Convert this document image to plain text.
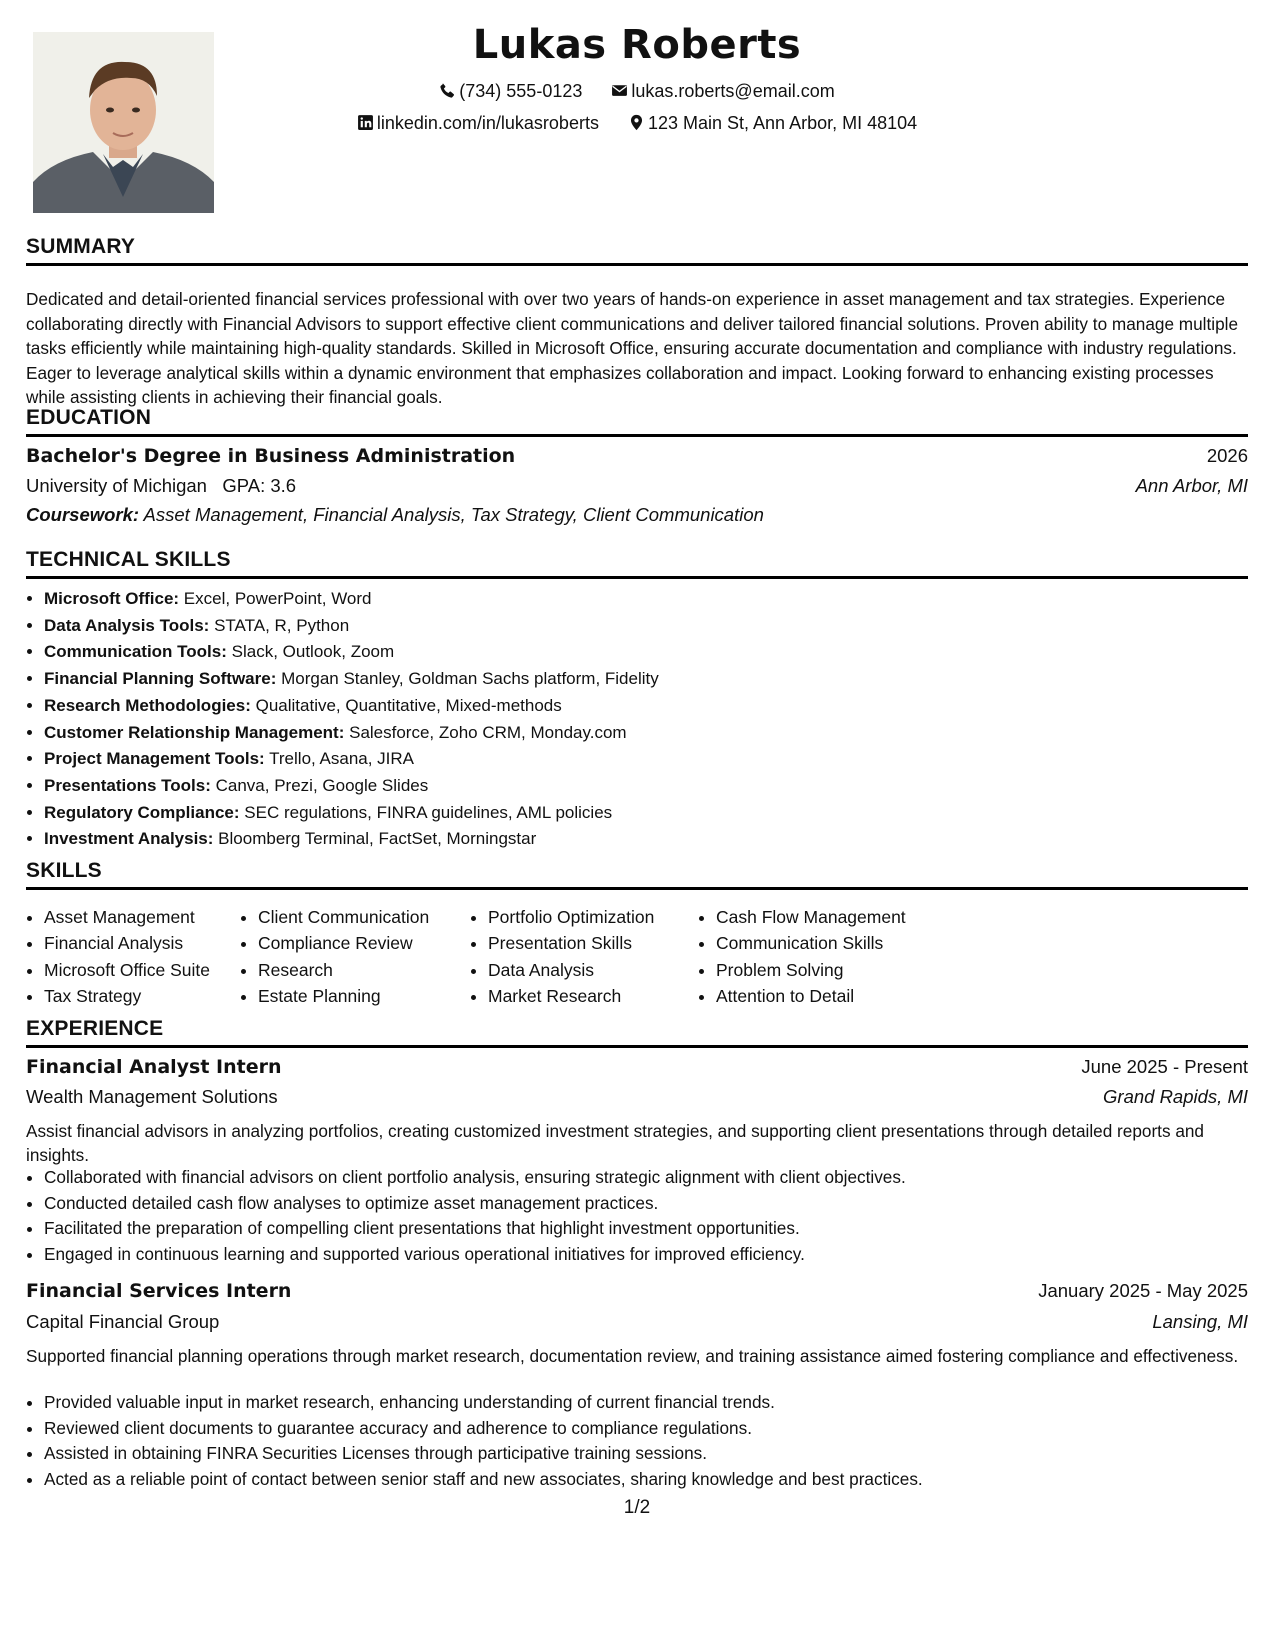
Lukas Roberts
(734) 555-0123	lukas.roberts@email.com
linkedin.com/in/lukasroberts	123 Main St, Ann Arbor, MI 48104
SUMMARY
Dedicated and detail-oriented financial services professional with over two years of hands-on experience in asset management and tax strategies. Experience collaborating directly with Financial Advisors to support effective client communications and deliver tailored financial solutions. Proven ability to manage multiple tasks efficiently while maintaining high-quality standards. Skilled in Microsoft Office, ensuring accurate documentation and compliance with industry regulations. Eager to leverage analytical skills within a dynamic environment that emphasizes collaboration and impact. Looking forward to enhancing existing processes while assisting clients in achieving their financial goals.
EDUCATION
Bachelor's Degree in Business Administration	2026
University of Michigan GPA: 3.6	Ann Arbor, MI
Coursework: Asset Management, Financial Analysis, Tax Strategy, Client Communication
TECHNICAL SKILLS
• Microsoft Office: Excel, PowerPoint, Word
• Data Analysis Tools: STATA, R, Python
• Communication Tools: Slack, Outlook, Zoom
• Financial Planning Software: Morgan Stanley, Goldman Sachs platform, Fidelity
• Research Methodologies: Qualitative, Quantitative, Mixed-methods
• Customer Relationship Management: Salesforce, Zoho CRM, Monday.com
• Project Management Tools: Trello, Asana, JIRA
• Presentations Tools: Canva, Prezi, Google Slides
• Regulatory Compliance: SEC regulations, FINRA guidelines, AML policies
• Investment Analysis: Bloomberg Terminal, FactSet, Morningstar
SKILLS
• Asset Management
• Financial Analysis
• Microsoft Office Suite
• Tax Strategy
• Client Communication
• Compliance Review
• Research
• Estate Planning
• Portfolio Optimization
• Presentation Skills
• Data Analysis
• Market Research
• Cash Flow Management
• Communication Skills
• Problem Solving
• Attention to Detail
EXPERIENCE
Financial Analyst Intern	June 2025 - Present
Wealth Management Solutions	Grand Rapids, MI
Assist financial advisors in analyzing portfolios, creating customized investment strategies, and supporting client presentations through detailed reports and insights.
• Collaborated with financial advisors on client portfolio analysis, ensuring strategic alignment with client objectives.
• Conducted detailed cash flow analyses to optimize asset management practices.
• Facilitated the preparation of compelling client presentations that highlight investment opportunities.
• Engaged in continuous learning and supported various operational initiatives for improved efficiency.
Financial Services Intern	January 2025 - May 2025
Capital Financial Group	Lansing, MI
Supported financial planning operations through market research, documentation review, and training assistance aimed fostering compliance and effectiveness.
• Provided valuable input in market research, enhancing understanding of current financial trends.
• Reviewed client documents to guarantee accuracy and adherence to compliance regulations.
• Assisted in obtaining FINRA Securities Licenses through participative training sessions.
• Acted as a reliable point of contact between senior staff and new associates, sharing knowledge and best practices.
1/2
